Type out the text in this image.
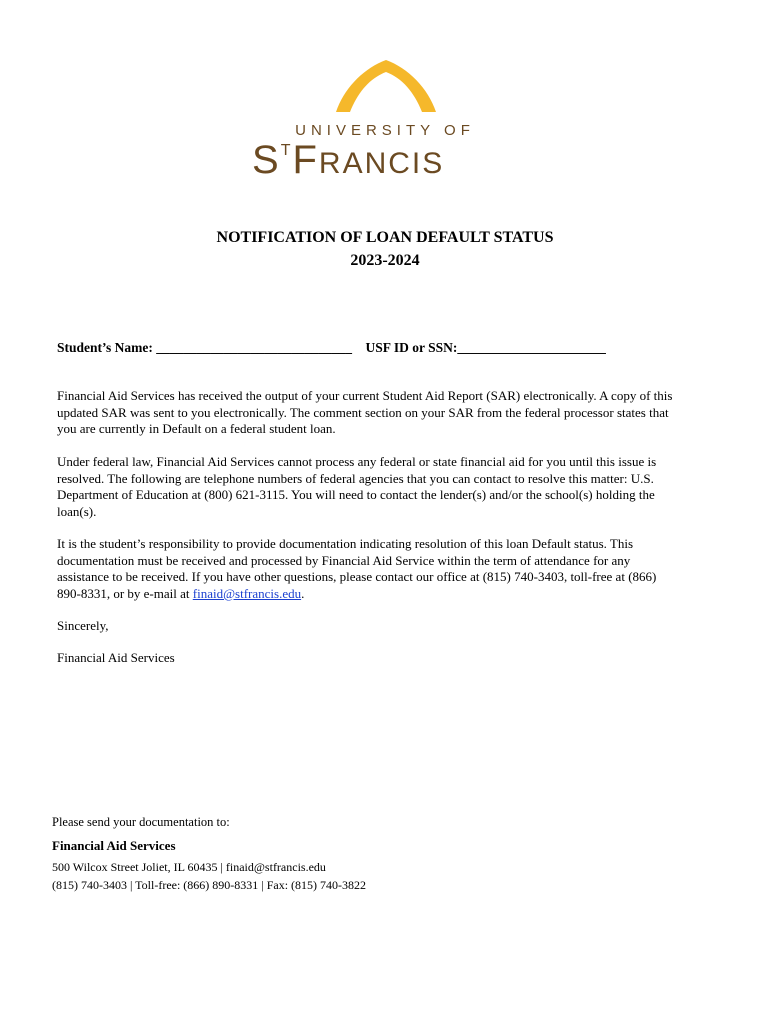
UNIVERSITY OF
$S^TFRANCIS$
NOTIFICATION OF LOAN DEFAULT STATUS
2023-2024
Student’s Name: _____________________________ USF ID or SSN:______________________
Financial Aid Services has received the output of your current Student Aid Report (SAR) electronically. A copy of this updated SAR was sent to you electronically. The comment section on your SAR from the federal processor states that you are currently in Default on a federal student loan.
Under federal law, Financial Aid Services cannot process any federal or state financial aid for you until this issue is resolved. The following are telephone numbers of federal agencies that you can contact to resolve this matter: U.S. Department of Education at (800) 621-3115. You will need to contact the lender(s) and/or the school(s) holding the loan(s).
It is the student’s responsibility to provide documentation indicating resolution of this loan Default status. This documentation must be received and processed by Financial Aid Service within the term of attendance for any assistance to be received. If you have other questions, please contact our office at (815) 740-3403, toll-free at (866) 890-8331, or by e-mail at finaid@stfrancis.edu.
Sincerely,
Financial Aid Services
Please send your documentation to:
Financial Aid Services
500 Wilcox Street Joliet, IL 60435 | finaid@stfrancis.edu
(815) 740-3403 | Toll-free: (866) 890-8331 | Fax: (815) 740-3822
